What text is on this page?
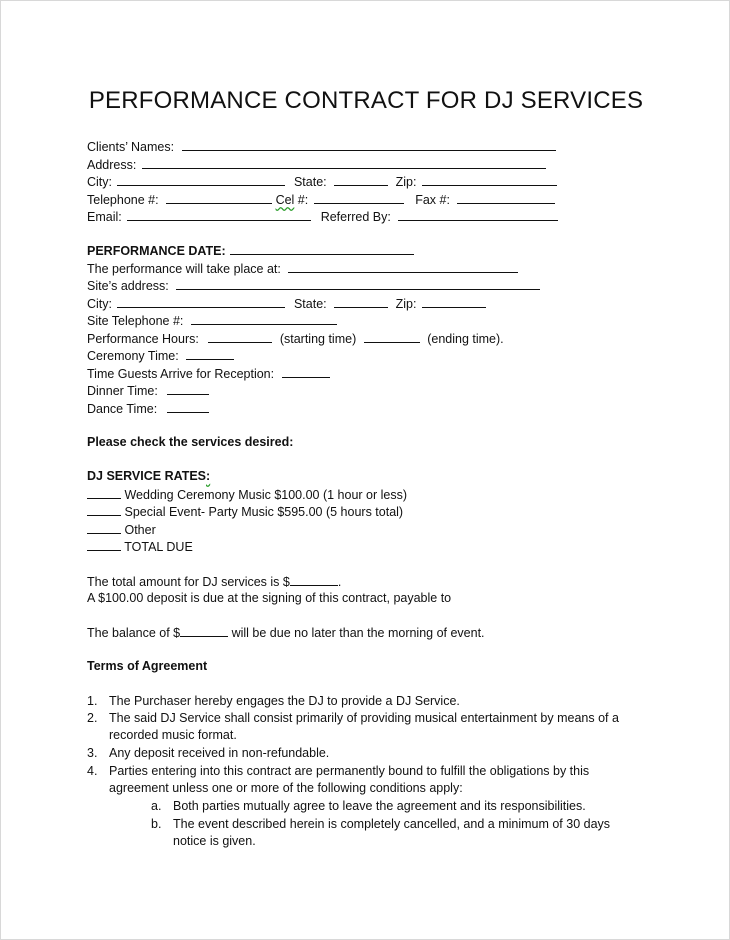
PERFORMANCE CONTRACT FOR DJ SERVICES
Clients’ Names:
Address:
City:	State:	Zip:
Telephone #:	Cel #:	Fax #:
Email:	Referred By:
PERFORMANCE DATE:
The performance will take place at:
Site’s address:
City:	State:	Zip:
Site Telephone #:
Performance Hours:	(starting time)	(ending time).
Ceremony Time:
Time Guests Arrive for Reception:
Dinner Time:
Dance Time:
Please check the services desired:
DJ SERVICE RATES:
Wedding Ceremony Music $100.00 (1 hour or less)
Special Event- Party Music $595.00 (5 hours total)
Other
TOTAL DUE
The total amount for DJ services is $	.
A $100.00 deposit is due at the signing of this contract, payable to
The balance of $	will be due no later than the morning of event.
Terms of Agreement
1. The Purchaser hereby engages the DJ to provide a DJ Service.
2. The said DJ Service shall consist primarily of providing musical entertainment by means of a recorded music format.
3. Any deposit received in non-refundable.
4. Parties entering into this contract are permanently bound to fulfill the obligations by this agreement unless one or more of the following conditions apply:
a. Both parties mutually agree to leave the agreement and its responsibilities.
b. The event described herein is completely cancelled, and a minimum of 30 days notice is given.
